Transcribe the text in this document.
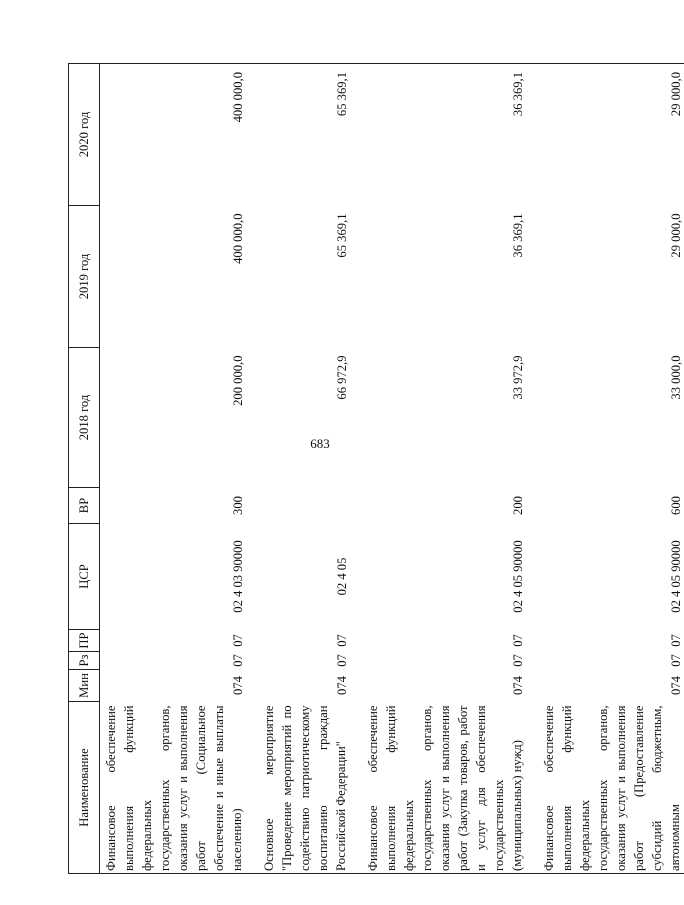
683
Наименование	Мин	Рз	ПР	ЦСР	ВР	2018 год	2019 год	2020 год
Финансовое обеспечение выполнения функций федеральных государственных органов, оказания услуг и выполнения работ (Социальное обеспечение и иные выплаты населению)	074	07	07	02 4 03 90000	300	200 000,0	400 000,0	400 000,0

Основное мероприятие "Проведение мероприятий по содействию патриотическому воспитанию граждан Российской Федерации"	074	07	07	02 4 05		66 972,9	65 369,1	65 369,1

Финансовое обеспечение выполнения функций федеральных государственных органов, оказания услуг и выполнения работ (Закупка товаров, работ и услуг для обеспечения государственных (муниципальных) нужд)	074	07	07	02 4 05 90000	200	33 972,9	36 369,1	36 369,1

Финансовое обеспечение выполнения функций федеральных государственных органов, оказания услуг и выполнения работ (Предоставление субсидий бюджетным, автономным	074	07	07	02 4 05 90000	600	33 000,0	29 000,0	29 000,0
